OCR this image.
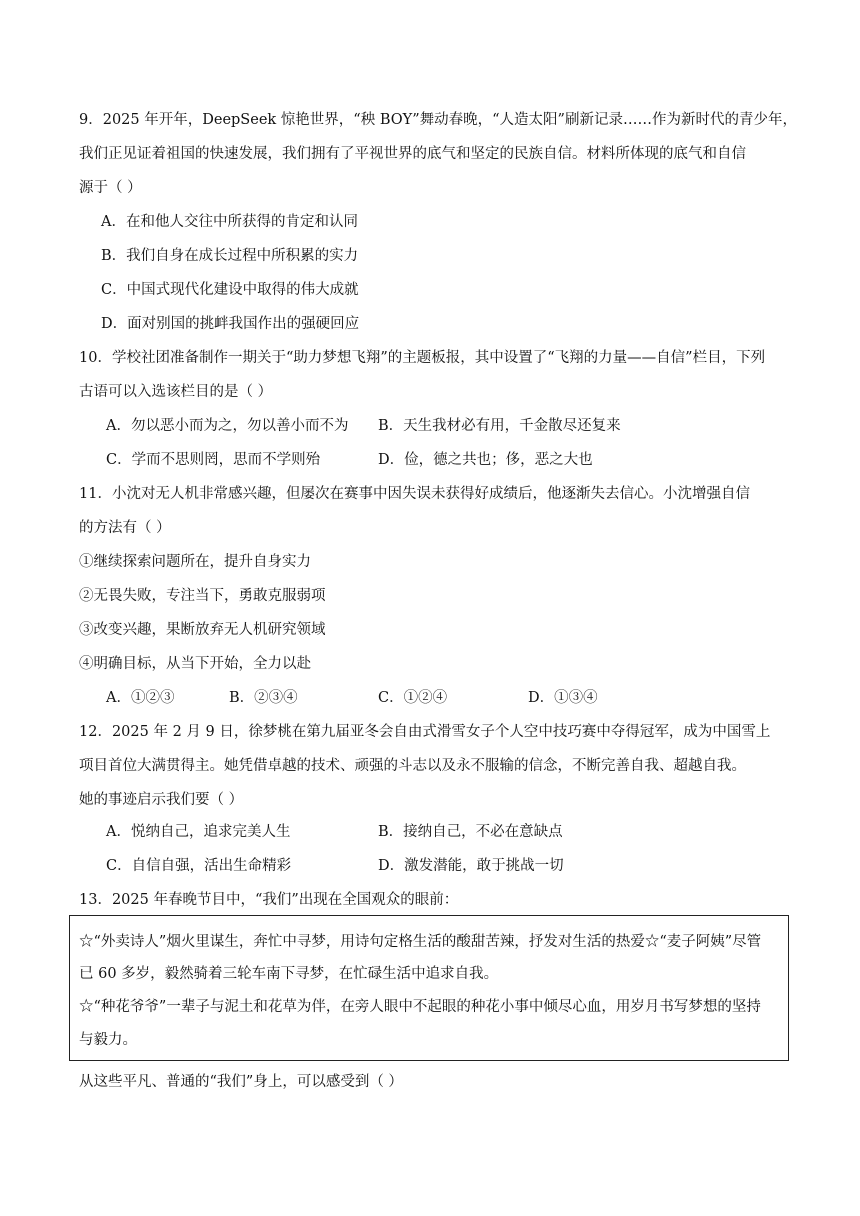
9．2025 年开年，DeepSeek 惊艳世界，“秧 BOY”舞动春晚，“人造太阳”刷新记录……作为新时代的青少年，
我们正见证着祖国的快速发展，我们拥有了平视世界的底气和坚定的民族自信。材料所体现的底气和自信
源于（ ）
A．在和他人交往中所获得的肯定和认同
B．我们自身在成长过程中所积累的实力
C．中国式现代化建设中取得的伟大成就
D．面对别国的挑衅我国作出的强硬回应
10．学校社团准备制作一期关于“助力梦想飞翔”的主题板报，其中设置了“飞翔的力量——自信”栏目，下列
古语可以入选该栏目的是（ ）
A．勿以恶小而为之，勿以善小而不为 B．天生我材必有用，千金散尽还复来
C．学而不思则罔，思而不学则殆	D．俭，德之共也；侈，恶之大也
11．小沈对无人机非常感兴趣，但屡次在赛事中因失误未获得好成绩后，他逐渐失去信心。小沈增强自信
的方法有（ ）
①继续探索问题所在，提升自身实力
②无畏失败，专注当下，勇敢克服弱项
③改变兴趣，果断放弃无人机研究领域
④明确目标，从当下开始，全力以赴
A．①②③	B．②③④	C．①②④	D．①③④
12．2025 年 2 月 9 日，徐梦桃在第九届亚冬会自由式滑雪女子个人空中技巧赛中夺得冠军，成为中国雪上
项目首位大满贯得主。她凭借卓越的技术、顽强的斗志以及永不服输的信念，不断完善自我、超越自我。
她的事迹启示我们要（ ）
A．悦纳自己，追求完美人生	B．接纳自己，不必在意缺点
C．自信自强，活出生命精彩	D．激发潜能，敢于挑战一切
13．2025 年春晚节目中，“我们”出现在全国观众的眼前：
☆“外卖诗人”烟火里谋生，奔忙中寻梦，用诗句定格生活的酸甜苦辣，抒发对生活的热爱☆“麦子阿姨”尽管
已 60 多岁，毅然骑着三轮车南下寻梦，在忙碌生活中追求自我。
☆“种花爷爷”一辈子与泥土和花草为伴，在旁人眼中不起眼的种花小事中倾尽心血，用岁月书写梦想的坚持
与毅力。
从这些平凡、普通的“我们”身上，可以感受到（ ）
